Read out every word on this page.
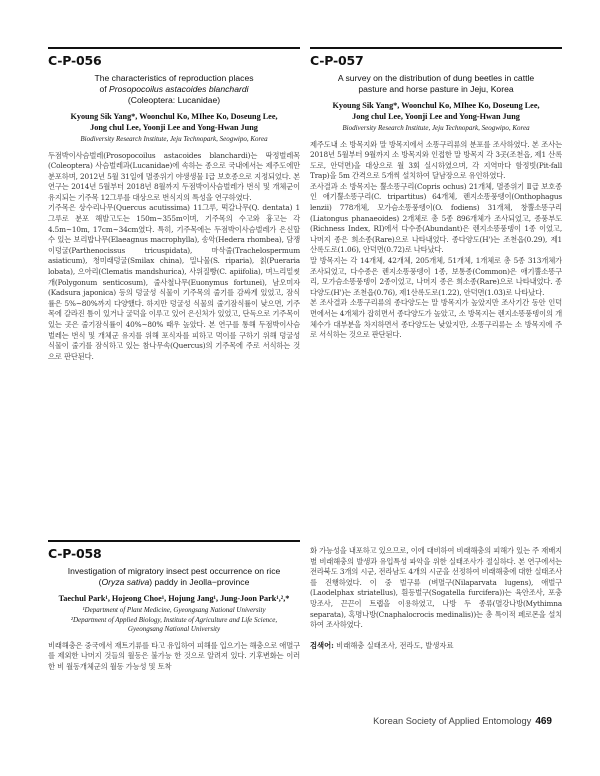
C-P-056
The characteristics of reproduction places
of Prosopocoilus astacoides blanchardi
(Coleoptera: Lucanidae)
Kyoung Sik Yang*, Woonchul Ko, MIhee Ko, Doseung Lee,
Jong chul Lee, Yoonji Lee and Yong-Hwan Jung
Biodiversity Research Institute, Jeju Technopark, Seogwipo, Korea

두점박이사슴벌레(Prosopocoilus astacoides blanchardi)는 딱정벌레목(Coleoptera) 사슴벌레과(Lucanidae)에 속하는 종으로 국내에서는 제주도에만 분포하며, 2012년 5월 31일에 멸종위기 야생생물 Ⅰ급 보호종으로 지정되었다. 본 연구는 2014년 5월부터 2018년 8월까지 두점박이사슴벌레가 번식 및 개체군이 유지되는 기주목 12그루를 대상으로 번식지의 특성을 연구하였다.

기주목은 상수리나무(Quercus acutissima) 11그루, 떡갈나무(Q. dentata) 1그루로 분포 해발고도는 150m~355m이며, 기주목의 수고와 흉고는 각 4.5m~10m, 17cm~34cm였다. 특히, 기주목에는 두점박이사슴벌레가 은신할 수 있는 보리밥나무(Elaeagnus macrophylla), 송악(Hedera rhombea), 담쟁이덩굴(Parthenocissus tricuspidata), 마삭줄(Trachelospermum asiaticum), 청미래덩굴(Smilax china), 밀나물(S. riparia), 칡(Pueraria lobata), 으아리(Clematis mandshurica), 사위질빵(C. apiifolia), 며느리밑씻개(Polygonum senticosum), 줄사철나무(Euonymus fortunei), 남오미자(Kadsura japonica) 등의 덩굴성 식물이 기주목의 줄기를 감싸게 있었고, 잠식률은 5%~80%까지 다양했다. 하지만 덩굴성 식물의 줄기잠식률이 낮으면, 기주목에 갈라진 틈이 있거나 굴덕을 이루고 있어 은신처가 있었고, 단독으로 기주목이 있는 곳은 줄기잠식률이 40%~80% 때우 높았다. 본 연구를 통해 두점박이사슴벌레는 번식 및 개체군 유지를 위해 포식자를 피하고 먹이를 구하기 위해 덩굴성 식물이 줄기를 잠식하고 있는 참나무속(Quercus)의 기주목에 주로 서식하는 것으로 판단된다.

C-P-057
A survey on the distribution of dung beetles in cattle
pasture and horse pasture in Jeju, Korea
Kyoung Sik Yang*, Woonchul Ko, MIhee Ko, Doseung Lee,
Jong chul Lee, Yoonji Lee and Yong-Hwan Jung
Biodiversity Research Institute, Jeju Technopark, Seogwipo, Korea

제주도내 소 방목지와 말 방목지에서 소똥구리류의 분포를 조사하였다. 본 조사는 2018년 5월부터 9월까지 소 방목지와 인접한 말 방목지 각 3곳(조천읍, 제1 산록도로, 안덕면)을 대상으로 월 3회 실시하였으며, 각 지역마다 함정빗(Pit-fall Trap)을 5m 간격으로 5개씩 설치하여 달남장으로 유인하였다.

조사결과 소 방목지는 뿔소똥구리(Copris ochus) 21개체, 멸종위기 Ⅱ급 보호종인 애기뿔소똥구리(C. tripartitus) 64개체, 렌지소똥풍뎅이(Onthophagus lenzii) 778개체, 모가슴소똥풍뎅이(O. fodiens) 31개체, 창뿔소똥구리(Liatongus phanaeoides) 2개체로 총 5종 896개체가 조사되었고, 종풍부도(Richness Index, RI)에서 다수종(Abundant)은 렌지소똥풍뎅이 1종 이었고, 나머지 종은 희소종(Rare)으로 나타내었다. 종다양도(H')는 조천읍(0.29), 제1 산록도로(1.06), 안덕면(0.72)로 나타났다.

말 방목지는 각 14개체, 42개체, 205개체, 51개체, 1개체로 총 5종 313개체가 조사되었고, 다수종은 렌지소똥풍뎅이 1종, 보통종(Common)은 애기뿔소똥구리, 모가슴소똥풍뎅이 2종이었고, 나머지 종은 희소종(Rare)으로 나타내었다. 종다양도(H')는 조천읍(0.76), 제1산록도로(1.22), 안덕면(1.03)로 나타났다.

본 조사결과 소똥구리류의 종다양도는 말 방목지가 높았지만 조사기간 동안 인덕면에서는 4개체가 잡히면서 종다양도가 높았고, 소 방목지는 렌지소똥풍뎅이의 개체수가 대부분을 차지하면서 종다양도는 낮았지만, 소똥구리류는 소 방목지에 주로 서식하는 것으로 판단된다.

C-P-058
Investigation of migratory insect pest occurrence on rice
(Oryza sativa) paddy in Jeolla−province
Taechul Park¹, Hojeong Choe¹, Hojung Jang¹, Jung-Joon Park¹,²,*
¹Department of Plant Medicine, Gyeongsang National University
²Department of Applied Biology, Institute of Agriculture and Life Science,
Gyeongsang National University

비래해충은 중국에서 재트기류를 타고 유입하여 피해를 입으기는 해충으로 애멸구를 제외한 나머지 것들의 월동은 불가능 한 것으로 알려져 있다. 기후변화는 이러한 비 월동개체군의 월동 가능성 및 토착

화 가능성을 내포하고 있으므로, 이에 대비하여 비래해충의 피해가 있는 주 재배지별 비래해충의 발생과 유입특성 파악을 위한 실태조사가 절실하다. 본 연구에서는 전라북도 3개의 시군, 전라남도 4개의 시군을 선정하여 비래해충에 대한 실태조사를 진행하였다. 이 중 벌구류 (벼멸구(Nilaparvata lugens), 애벌구(Laodelphax striatellus), 흰등벌구(Sogatella furcifera))는 육안조사, 포충망조사, 끈끈이 트랩을 이용하였고, 나방 두 종류(멸강나방(Mythimna separata), 혹명나방(Cnaphalocrocis medinalis))는 총 특이적 페로몬을 설치하여 조사하였다.

검색어: 비래해충 실태조사, 전라도, 발생자료
Korean Society of Applied Entomology 469
